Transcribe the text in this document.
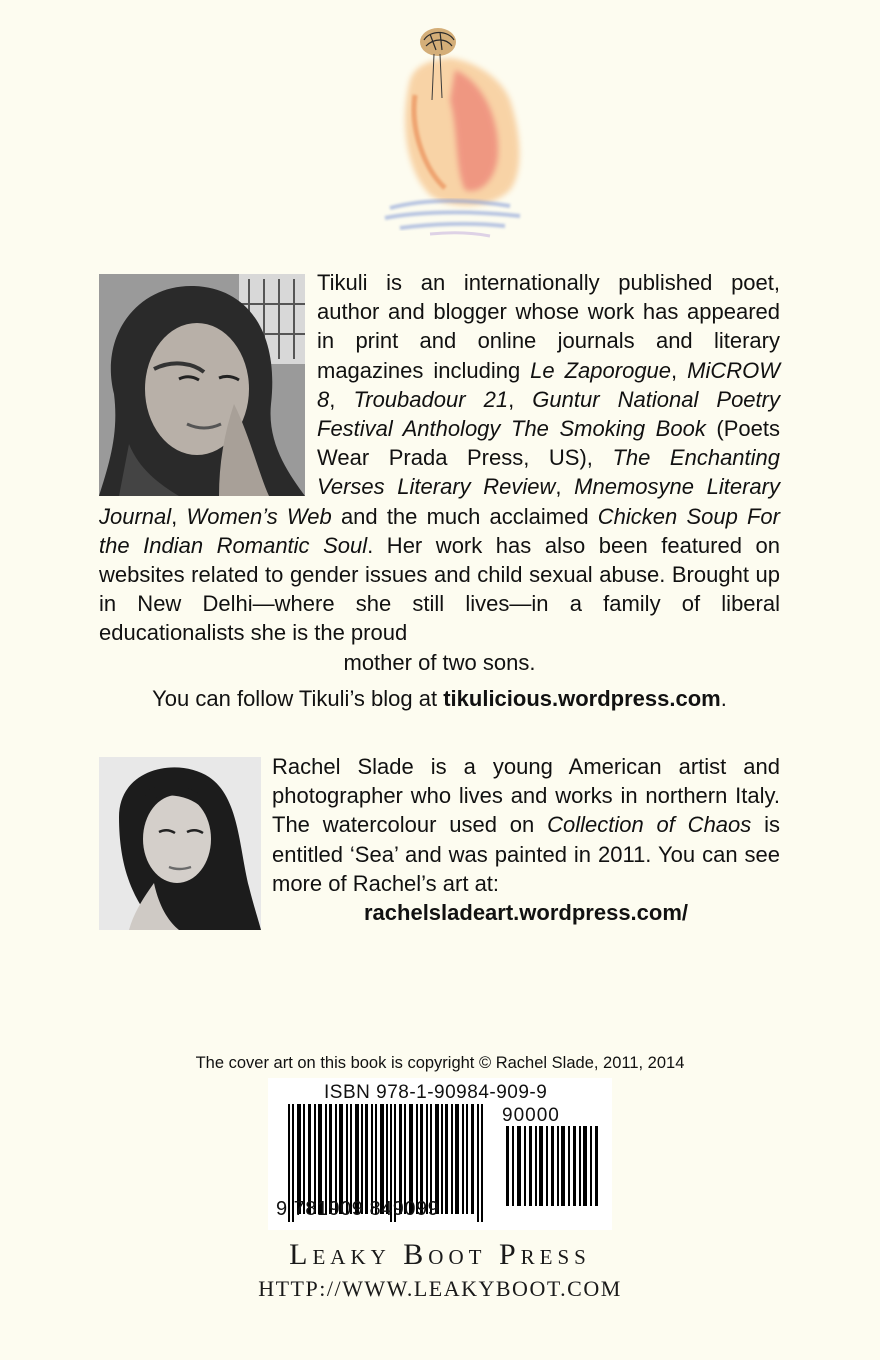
Tikuli is an internationally published poet, author and blogger whose work has appeared in print and online journals and literary magazines including Le Zaporogue, MiCROW 8, Troubadour 21, Guntur National Poetry Festival Anthology The Smoking Book (Poets Wear Prada Press, US), The Enchanting Verses Literary Review, Mnemosyne Literary Journal, Women’s Web and the much acclaimed Chicken Soup For the Indian Romantic Soul. Her work has also been featured on websites related to gender issues and child sexual abuse. Brought up in New Delhi—where she still lives—in a family of liberal educationalists she is the proud
mother of two sons.
You can follow Tikuli’s blog at tikulicious.wordpress.com.
Rachel Slade is a young American artist and photographer who lives and works in northern Italy. The watercolour used on Collection of Chaos is entitled ‘Sea’ and was painted in 2011. You can see more of Rachel’s art at:
rachelsladeart.wordpress.com/
The cover art on this book is copyright © Rachel Slade, 2011, 2014
ISBN 978-1-90984-909-9
90000
9 781909 849099
Leaky Boot Press
HTTP://WWW.LEAKYBOOT.COM
